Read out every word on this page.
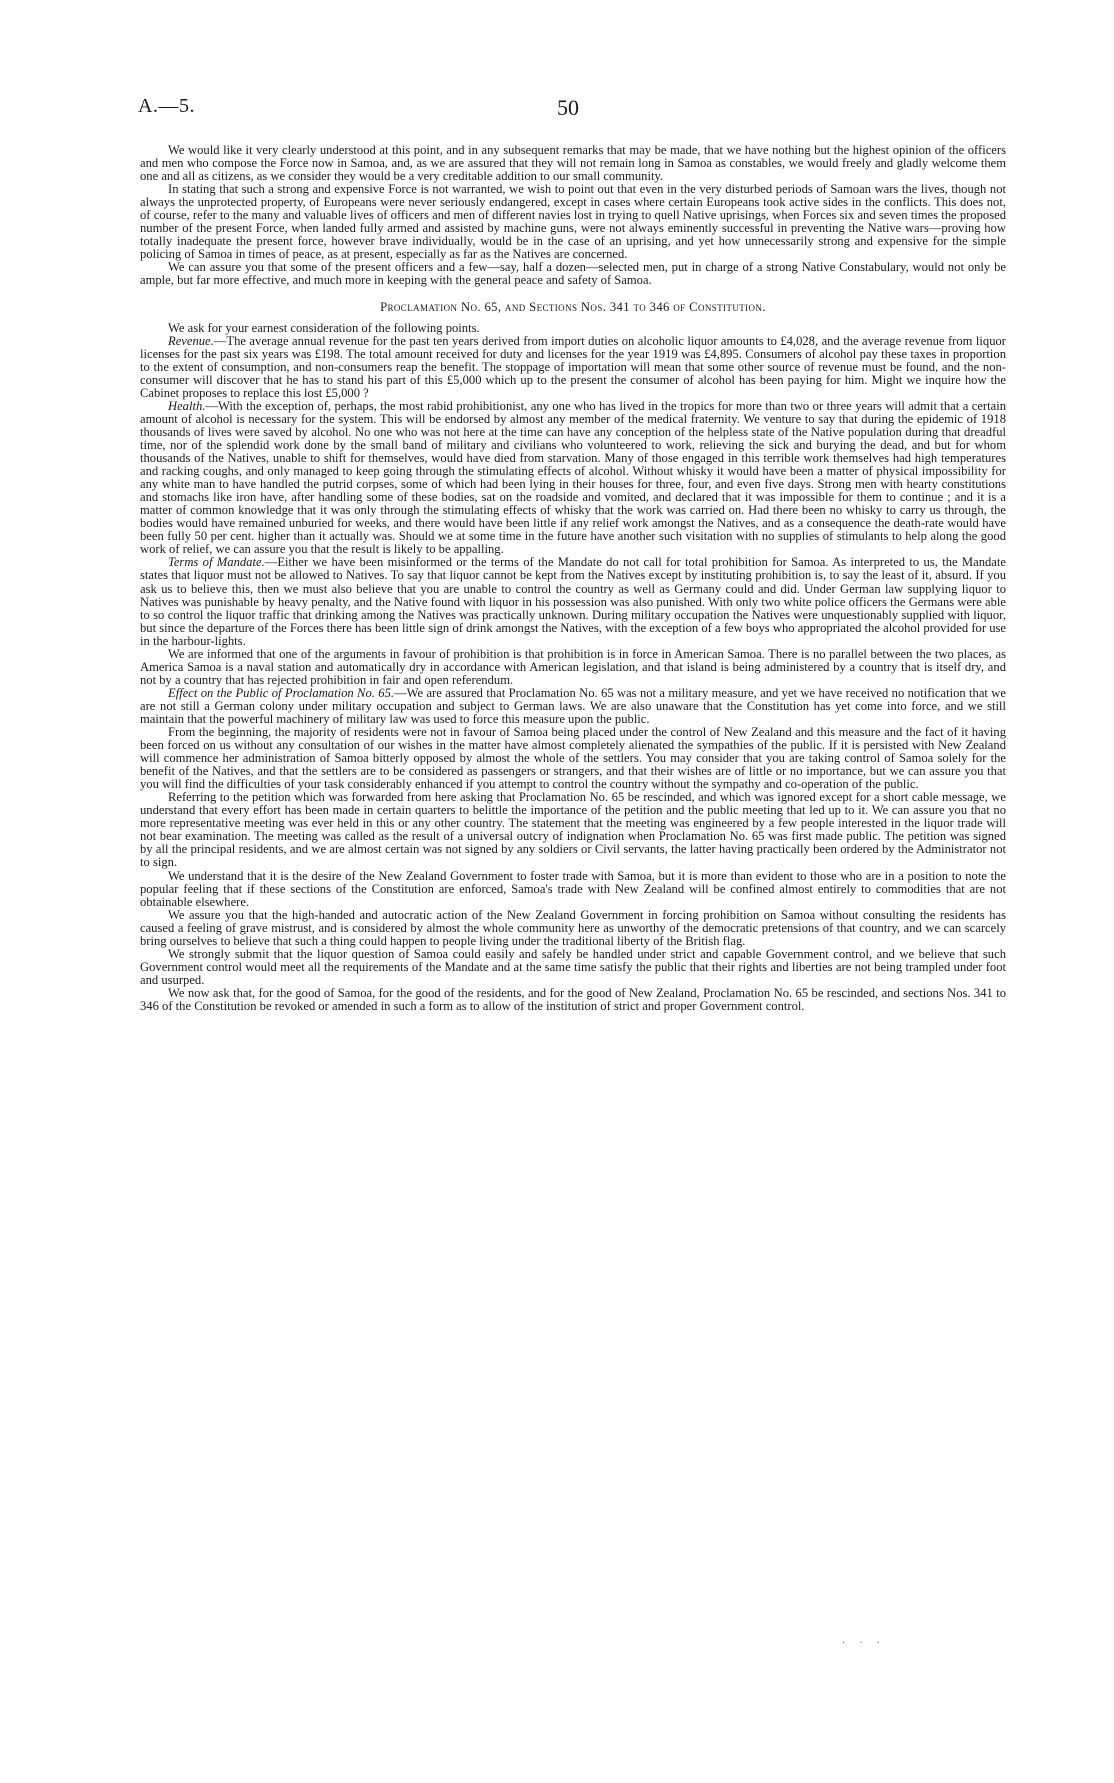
A.—5.	50

We would like it very clearly understood at this point, and in any subsequent remarks that may be made, that we have nothing but the highest opinion of the officers and men who compose the Force now in Samoa, and, as we are assured that they will not remain long in Samoa as constables, we would freely and gladly welcome them one and all as citizens, as we consider they would be a very creditable addition to our small community.

In stating that such a strong and expensive Force is not warranted, we wish to point out that even in the very disturbed periods of Samoan wars the lives, though not always the unprotected property, of Europeans were never seriously endangered, except in cases where certain Europeans took active sides in the conflicts. This does not, of course, refer to the many and valuable lives of officers and men of different navies lost in trying to quell Native uprisings, when Forces six and seven times the proposed number of the present Force, when landed fully armed and assisted by machine guns, were not always eminently successful in preventing the Native wars—proving how totally inadequate the present force, however brave individually, would be in the case of an uprising, and yet how unnecessarily strong and expensive for the simple policing of Samoa in times of peace, as at present, especially as far as the Natives are concerned.

We can assure you that some of the present officers and a few—say, half a dozen—selected men, put in charge of a strong Native Constabulary, would not only be ample, but far more effective, and much more in keeping with the general peace and safety of Samoa.

Proclamation No. 65, and Sections Nos. 341 to 346 of Constitution.

We ask for your earnest consideration of the following points.

Revenue.—The average annual revenue for the past ten years derived from import duties on alcoholic liquor amounts to £4,028, and the average revenue from liquor licenses for the past six years was £198. The total amount received for duty and licenses for the year 1919 was £4,895. Consumers of alcohol pay these taxes in proportion to the extent of consumption, and non-consumers reap the benefit. The stoppage of importation will mean that some other source of revenue must be found, and the non-consumer will discover that he has to stand his part of this £5,000 which up to the present the consumer of alcohol has been paying for him. Might we inquire how the Cabinet proposes to replace this lost £5,000 ?

Health.—With the exception of, perhaps, the most rabid prohibitionist, any one who has lived in the tropics for more than two or three years will admit that a certain amount of alcohol is necessary for the system. This will be endorsed by almost any member of the medical fraternity. We venture to say that during the epidemic of 1918 thousands of lives were saved by alcohol. No one who was not here at the time can have any conception of the helpless state of the Native population during that dreadful time, nor of the splendid work done by the small band of military and civilians who volunteered to work, relieving the sick and burying the dead, and but for whom thousands of the Natives, unable to shift for themselves, would have died from starvation. Many of those engaged in this terrible work themselves had high temperatures and racking coughs, and only managed to keep going through the stimulating effects of alcohol. Without whisky it would have been a matter of physical impossibility for any white man to have handled the putrid corpses, some of which had been lying in their houses for three, four, and even five days. Strong men with hearty constitutions and stomachs like iron have, after handling some of these bodies, sat on the roadside and vomited, and declared that it was impossible for them to continue ; and it is a matter of common knowledge that it was only through the stimulating effects of whisky that the work was carried on. Had there been no whisky to carry us through, the bodies would have remained unburied for weeks, and there would have been little if any relief work amongst the Natives, and as a consequence the death-rate would have been fully 50 per cent. higher than it actually was. Should we at some time in the future have another such visitation with no supplies of stimulants to help along the good work of relief, we can assure you that the result is likely to be appalling.

Terms of Mandate.—Either we have been misinformed or the terms of the Mandate do not call for total prohibition for Samoa. As interpreted to us, the Mandate states that liquor must not be allowed to Natives. To say that liquor cannot be kept from the Natives except by instituting prohibition is, to say the least of it, absurd. If you ask us to believe this, then we must also believe that you are unable to control the country as well as Germany could and did. Under German law supplying liquor to Natives was punishable by heavy penalty, and the Native found with liquor in his possession was also punished. With only two white police officers the Germans were able to so control the liquor traffic that drinking among the Natives was practically unknown. During military occupation the Natives were unquestionably supplied with liquor, but since the departure of the Forces there has been little sign of drink amongst the Natives, with the exception of a few boys who appropriated the alcohol provided for use in the harbour-lights.

We are informed that one of the arguments in favour of prohibition is that prohibition is in force in American Samoa. There is no parallel between the two places, as America Samoa is a naval station and automatically dry in accordance with American legislation, and that island is being administered by a country that is itself dry, and not by a country that has rejected prohibition in fair and open referendum.

Effect on the Public of Proclamation No. 65.—We are assured that Proclamation No. 65 was not a military measure, and yet we have received no notification that we are not still a German colony under military occupation and subject to German laws. We are also unaware that the Constitution has yet come into force, and we still maintain that the powerful machinery of military law was used to force this measure upon the public.

From the beginning, the majority of residents were not in favour of Samoa being placed under the control of New Zealand and this measure and the fact of it having been forced on us without any consultation of our wishes in the matter have almost completely alienated the sympathies of the public. If it is persisted with New Zealand will commence her administration of Samoa bitterly opposed by almost the whole of the settlers. You may consider that you are taking control of Samoa solely for the benefit of the Natives, and that the settlers are to be considered as passengers or strangers, and that their wishes are of little or no importance, but we can assure you that you will find the difficulties of your task considerably enhanced if you attempt to control the country without the sympathy and co-operation of the public.

Referring to the petition which was forwarded from here asking that Proclamation No. 65 be rescinded, and which was ignored except for a short cable message, we understand that every effort has been made in certain quarters to belittle the importance of the petition and the public meeting that led up to it. We can assure you that no more representative meeting was ever held in this or any other country. The statement that the meeting was engineered by a few people interested in the liquor trade will not bear examination. The meeting was called as the result of a universal outcry of indignation when Proclamation No. 65 was first made public. The petition was signed by all the principal residents, and we are almost certain was not signed by any soldiers or Civil servants, the latter having practically been ordered by the Administrator not to sign.

We understand that it is the desire of the New Zealand Government to foster trade with Samoa, but it is more than evident to those who are in a position to note the popular feeling that if these sections of the Constitution are enforced, Samoa's trade with New Zealand will be confined almost entirely to commodities that are not obtainable elsewhere.

We assure you that the high-handed and autocratic action of the New Zealand Government in forcing prohibition on Samoa without consulting the residents has caused a feeling of grave mistrust, and is considered by almost the whole community here as unworthy of the democratic pretensions of that country, and we can scarcely bring ourselves to believe that such a thing could happen to people living under the traditional liberty of the British flag.

We strongly submit that the liquor question of Samoa could easily and safely be handled under strict and capable Government control, and we believe that such Government control would meet all the requirements of the Mandate and at the same time satisfy the public that their rights and liberties are not being trampled under foot and usurped.

We now ask that, for the good of Samoa, for the good of the residents, and for the good of New Zealand, Proclamation No. 65 be rescinded, and sections Nos. 341 to 346 of the Constitution be revoked or amended in such a form as to allow of the institution of strict and proper Government control.

·​·​·
